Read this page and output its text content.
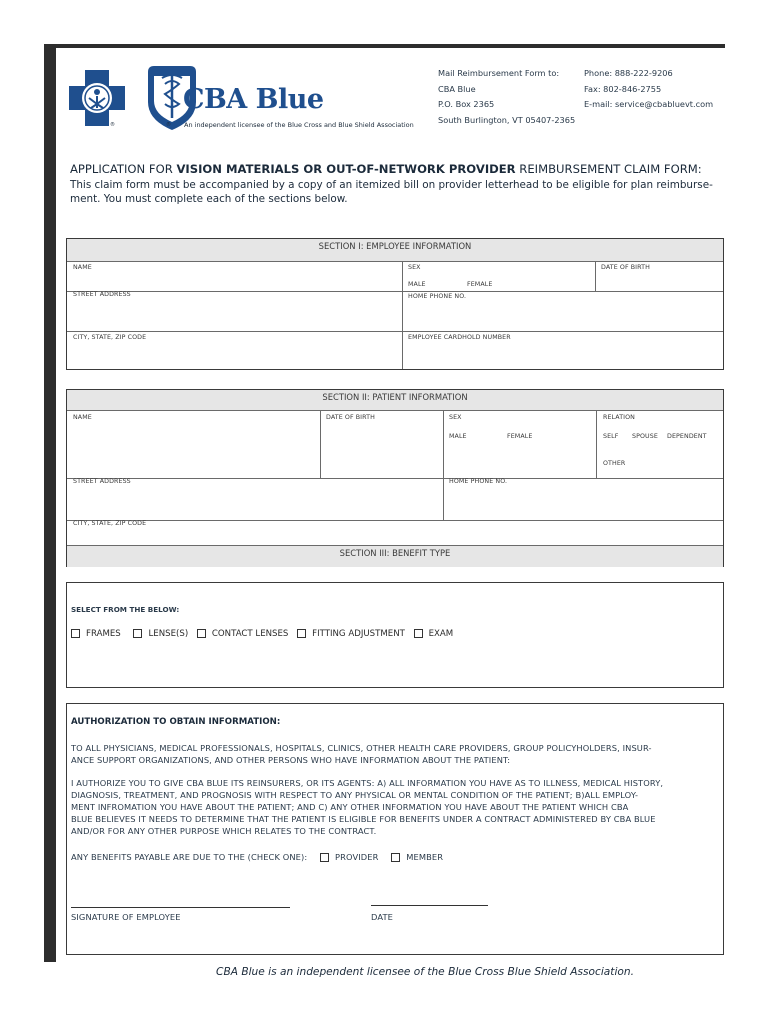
®	®
CBA Blue
An independent licensee of the Blue Cross and Blue Shield Association
Mail Reimbursement Form to:
CBA Blue
P.O. Box 2365
South Burlington, VT 05407-2365
Phone: 888-222-9206
Fax: 802-846-2755
E-mail: service@cbabluevt.com
APPLICATION FOR VISION MATERIALS OR OUT-OF-NETWORK PROVIDER REIMBURSEMENT CLAIM FORM:
This claim form must be accompanied by a copy of an itemized bill on provider letterhead to be eligible for plan reimburse-ment. You must complete each of the sections below.
SECTION I: EMPLOYEE INFORMATION
NAME	SEX
MALE	FEMALE
DATE OF BIRTH
STREET ADDRESS	HOME PHONE NO.
CITY, STATE, ZIP CODE	EMPLOYEE CARDHOLD NUMBER
SECTION II: PATIENT INFORMATION
NAME	DATE OF BIRTH	SEX
MALE	FEMALE
RELATION
SELF SPOUSE DEPENDENT
OTHER
STREET ADDRESS	HOME PHONE NO.
CITY, STATE, ZIP CODE
SECTION III: BENEFIT TYPE
SELECT FROM THE BELOW:
FRAMES	LENSE(S)	CONTACT LENSES	FITTING ADJUSTMENT	EXAM
AUTHORIZATION TO OBTAIN INFORMATION:
TO ALL PHYSICIANS, MEDICAL PROFESSIONALS, HOSPITALS, CLINICS, OTHER HEALTH CARE PROVIDERS, GROUP POLICYHOLDERS, INSUR-
ANCE SUPPORT ORGANIZATIONS, AND OTHER PERSONS WHO HAVE INFORMATION ABOUT THE PATIENT:
I AUTHORIZE YOU TO GIVE CBA BLUE ITS REINSURERS, OR ITS AGENTS: A) ALL INFORMATION YOU HAVE AS TO ILLNESS, MEDICAL HISTORY,
DIAGNOSIS, TREATMENT, AND PROGNOSIS WITH RESPECT TO ANY PHYSICAL OR MENTAL CONDITION OF THE PATIENT; B)ALL EMPLOY-
MENT INFROMATION YOU HAVE ABOUT THE PATIENT; AND C) ANY OTHER INFORMATION YOU HAVE ABOUT THE PATIENT WHICH CBA
BLUE BELIEVES IT NEEDS TO DETERMINE THAT THE PATIENT IS ELIGIBLE FOR BENEFITS UNDER A CONTRACT ADMINISTERED BY CBA BLUE
AND/OR FOR ANY OTHER PURPOSE WHICH RELATES TO THE CONTRACT.
ANY BENEFITS PAYABLE ARE DUE TO THE (CHECK ONE):	PROVIDER	MEMBER
SIGNATURE OF EMPLOYEE	DATE
CBA Blue is an independent licensee of the Blue Cross Blue Shield Association.
